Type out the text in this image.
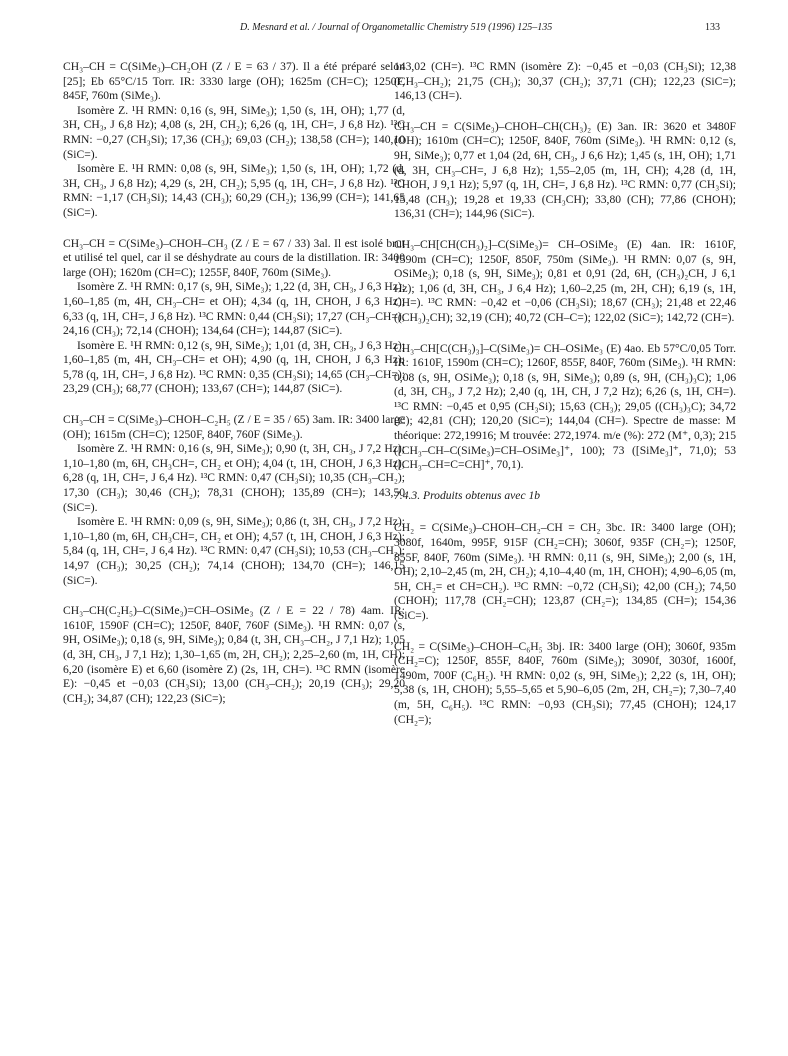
D. Mesnard et al. / Journal of Organometallic Chemistry 519 (1996) 125–135	133

CH₃–CH = C(SiMe₃)–CH₂OH (Z / E = 63 / 37). Il a été préparé selon [25]; Eb 65°C/15 Torr. IR: 3330 large (OH); 1625m (CH=C); 1250F, 845F, 760m (SiMe₃).

Isomère Z. ¹H RMN: 0,16 (s, 9H, SiMe₃); 1,50 (s, 1H, OH); 1,77 (d, 3H, CH₃, J 6,8 Hz); 4,08 (s, 2H, CH₂); 6,26 (q, 1H, CH=, J 6,8 Hz). ¹³C RMN: −0,27 (CH₃Si); 17,36 (CH₃); 69,03 (CH₂); 138,58 (CH=); 140,10 (SiC=).

Isomère E. ¹H RMN: 0,08 (s, 9H, SiMe₃); 1,50 (s, 1H, OH); 1,72 (d, 3H, CH₃, J 6,8 Hz); 4,29 (s, 2H, CH₂); 5,95 (q, 1H, CH=, J 6,8 Hz). ¹³C RMN: −1,17 (CH₃Si); 14,43 (CH₃); 60,29 (CH₂); 136,99 (CH=); 141,65 (SiC=).

CH₃–CH = C(SiMe₃)–CHOH–CH₃ (Z / E = 67 / 33) 3al. Il est isolé brut et utilisé tel quel, car il se déshydrate au cours de la distillation. IR: 3400 large (OH); 1620m (CH=C); 1255F, 840F, 760m (SiMe₃).

Isomère Z. ¹H RMN: 0,17 (s, 9H, SiMe₃); 1,22 (d, 3H, CH₃, J 6,3 Hz); 1,60–1,85 (m, 4H, CH₃–CH= et OH); 4,34 (q, 1H, CHOH, J 6,3 Hz); 6,33 (q, 1H, CH=, J 6,8 Hz). ¹³C RMN: 0,44 (CH₃Si); 17,27 (CH₃–CH=); 24,16 (CH₃); 72,14 (CHOH); 134,64 (CH=); 144,87 (SiC=).

Isomère E. ¹H RMN: 0,12 (s, 9H, SiMe₃); 1,01 (d, 3H, CH₃, J 6,3 Hz); 1,60–1,85 (m, 4H, CH₃–CH= et OH); 4,90 (q, 1H, CHOH, J 6,3 Hz); 5,78 (q, 1H, CH=, J 6,8 Hz). ¹³C RMN: 0,35 (CH₃Si); 14,65 (CH₃–CH=); 23,29 (CH₃); 68,77 (CHOH); 133,67 (CH=); 144,87 (SiC=).

CH₃–CH = C(SiMe₃)–CHOH–C₂H₅ (Z / E = 35 / 65) 3am. IR: 3400 large (OH); 1615m (CH=C); 1250F, 840F, 760F (SiMe₃).

Isomère Z. ¹H RMN: 0,16 (s, 9H, SiMe₃); 0,90 (t, 3H, CH₃, J 7,2 Hz); 1,10–1,80 (m, 6H, CH₃CH=, CH₂ et OH); 4,04 (t, 1H, CHOH, J 6,3 Hz); 6,28 (q, 1H, CH=, J 6,4 Hz). ¹³C RMN: 0,47 (CH₃Si); 10,35 (CH₃–CH₂); 17,30 (CH₃); 30,46 (CH₂); 78,31 (CHOH); 135,89 (CH=); 143,50 (SiC=).

Isomère E. ¹H RMN: 0,09 (s, 9H, SiMe₃); 0,86 (t, 3H, CH₃, J 7,2 Hz); 1,10–1,80 (m, 6H, CH₃CH=, CH₂ et OH); 4,57 (t, 1H, CHOH, J 6,3 Hz); 5,84 (q, 1H, CH=, J 6,4 Hz). ¹³C RMN: 0,47 (CH₃Si); 10,53 (CH₃–CH₂); 14,97 (CH₃); 30,25 (CH₂); 74,14 (CHOH); 134,70 (CH=); 146,15 (SiC=).

CH₃–CH(C₂H₅)–C(SiMe₃)=CH–OSiMe₃ (Z / E = 22 / 78) 4am. IR: 1610F, 1590F (CH=C); 1250F, 840F, 760F (SiMe₃). ¹H RMN: 0,07 (s, 9H, OSiMe₃); 0,18 (s, 9H, SiMe₃); 0,84 (t, 3H, CH₃–CH₂, J 7,1 Hz); 1,05 (d, 3H, CH₃, J 7,1 Hz); 1,30–1,65 (m, 2H, CH₂); 2,25–2,60 (m, 1H, CH); 6,20 (isomère E) et 6,60 (isomère Z) (2s, 1H, CH=). ¹³C RMN (isomère E): −0,45 et −0,03 (CH₃Si); 13,00 (CH₃–CH₂); 20,19 (CH₃); 29,20 (CH₂); 34,87 (CH); 122,23 (SiC=);

143,02 (CH=). ¹³C RMN (isomère Z): −0,45 et −0,03 (CH₃Si); 12,38 (CH₃–CH₂); 21,75 (CH₃); 30,37 (CH₂); 37,71 (CH); 122,23 (SiC=); 146,13 (CH=).

CH₃–CH = C(SiMe₃)–CHOH–CH(CH₃)₂ (E) 3an. IR: 3620 et 3480F (OH); 1610m (CH=C); 1250F, 840F, 760m (SiMe₃). ¹H RMN: 0,12 (s, 9H, SiMe₃); 0,77 et 1,04 (2d, 6H, CH₃, J 6,6 Hz); 1,45 (s, 1H, OH); 1,71 (d, 3H, CH₃–CH=, J 6,8 Hz); 1,55–2,05 (m, 1H, CH); 4,28 (d, 1H, CHOH, J 9,1 Hz); 5,97 (q, 1H, CH=, J 6,8 Hz). ¹³C RMN: 0,77 (CH₃Si); 15,48 (CH₃); 19,28 et 19,33 (CH₃CH); 33,80 (CH); 77,86 (CHOH); 136,31 (CH=); 144,96 (SiC=).

CH₃–CH[CH(CH₃)₂]–C(SiMe₃)= CH–OSiMe₃ (E) 4an. IR: 1610F, 1590m (CH=C); 1250F, 850F, 750m (SiMe₃). ¹H RMN: 0,07 (s, 9H, OSiMe₃); 0,18 (s, 9H, SiMe₃); 0,81 et 0,91 (2d, 6H, (CH₃)₂CH, J 6,1 Hz); 1,06 (d, 3H, CH₃, J 6,4 Hz); 1,60–2,25 (m, 2H, CH); 6,19 (s, 1H, CH=). ¹³C RMN: −0,42 et −0,06 (CH₃Si); 18,67 (CH₃); 21,48 et 22,46 ((CH₃)₂CH); 32,19 (CH); 40,72 (CH–C=); 122,02 (SiC=); 142,72 (CH=).

CH₃–CH[C(CH₃)₃]–C(SiMe₃)= CH–OSiMe₃ (E) 4ao. Eb 57°C/0,05 Torr. IR: 1610F, 1590m (CH=C); 1260F, 855F, 840F, 760m (SiMe₃). ¹H RMN: 0,08 (s, 9H, OSiMe₃); 0,18 (s, 9H, SiMe₃); 0,89 (s, 9H, (CH₃)₃C); 1,06 (d, 3H, CH₃, J 7,2 Hz); 2,40 (q, 1H, CH, J 7,2 Hz); 6,26 (s, 1H, CH=). ¹³C RMN: −0,45 et 0,95 (CH₃Si); 15,63 (CH₃); 29,05 ((CH₃)₃C); 34,72 (C); 42,81 (CH); 120,20 (SiC=); 144,04 (CH=). Spectre de masse: M théorique: 272,19916; M trouvée: 272,1974. m/e (%): 272 (M⁺, 0,3); 215 ([CH₃–CH–C(SiMe₃)=CH–OSiMe₃]⁺, 100); 73 ([SiMe₃]⁺, 71,0); 53 ([CH₃–CH=C=CH]⁺, 70,1).

7.4.3. Produits obtenus avec 1b

CH₂ = C(SiMe₃)–CHOH–CH₂–CH = CH₂ 3bc. IR: 3400 large (OH); 3080f, 1640m, 995F, 915F (CH₂=CH); 3060f, 935F (CH₂=); 1250F, 855F, 840F, 760m (SiMe₃). ¹H RMN: 0,11 (s, 9H, SiMe₃); 2,00 (s, 1H, OH); 2,10–2,45 (m, 2H, CH₂); 4,10–4,40 (m, 1H, CHOH); 4,90–6,05 (m, 5H, CH₂= et CH=CH₂). ¹³C RMN: −0,72 (CH₃Si); 42,00 (CH₂); 74,50 (CHOH); 117,78 (CH₂=CH); 123,87 (CH₂=); 134,85 (CH=); 154,36 (SiC=).

CH₂ = C(SiMe₃)–CHOH–C₆H₅ 3bj. IR: 3400 large (OH); 3060f, 935m (CH₂=C); 1250F, 855F, 840F, 760m (SiMe₃); 3090f, 3030f, 1600f, 1490m, 700F (C₆H₅). ¹H RMN: 0,02 (s, 9H, SiMe₃); 2,22 (s, 1H, OH); 5,38 (s, 1H, CHOH); 5,55–5,65 et 5,90–6,05 (2m, 2H, CH₂=); 7,30–7,40 (m, 5H, C₆H₅). ¹³C RMN: −0,93 (CH₃Si); 77,45 (CHOH); 124,17 (CH₂=);
